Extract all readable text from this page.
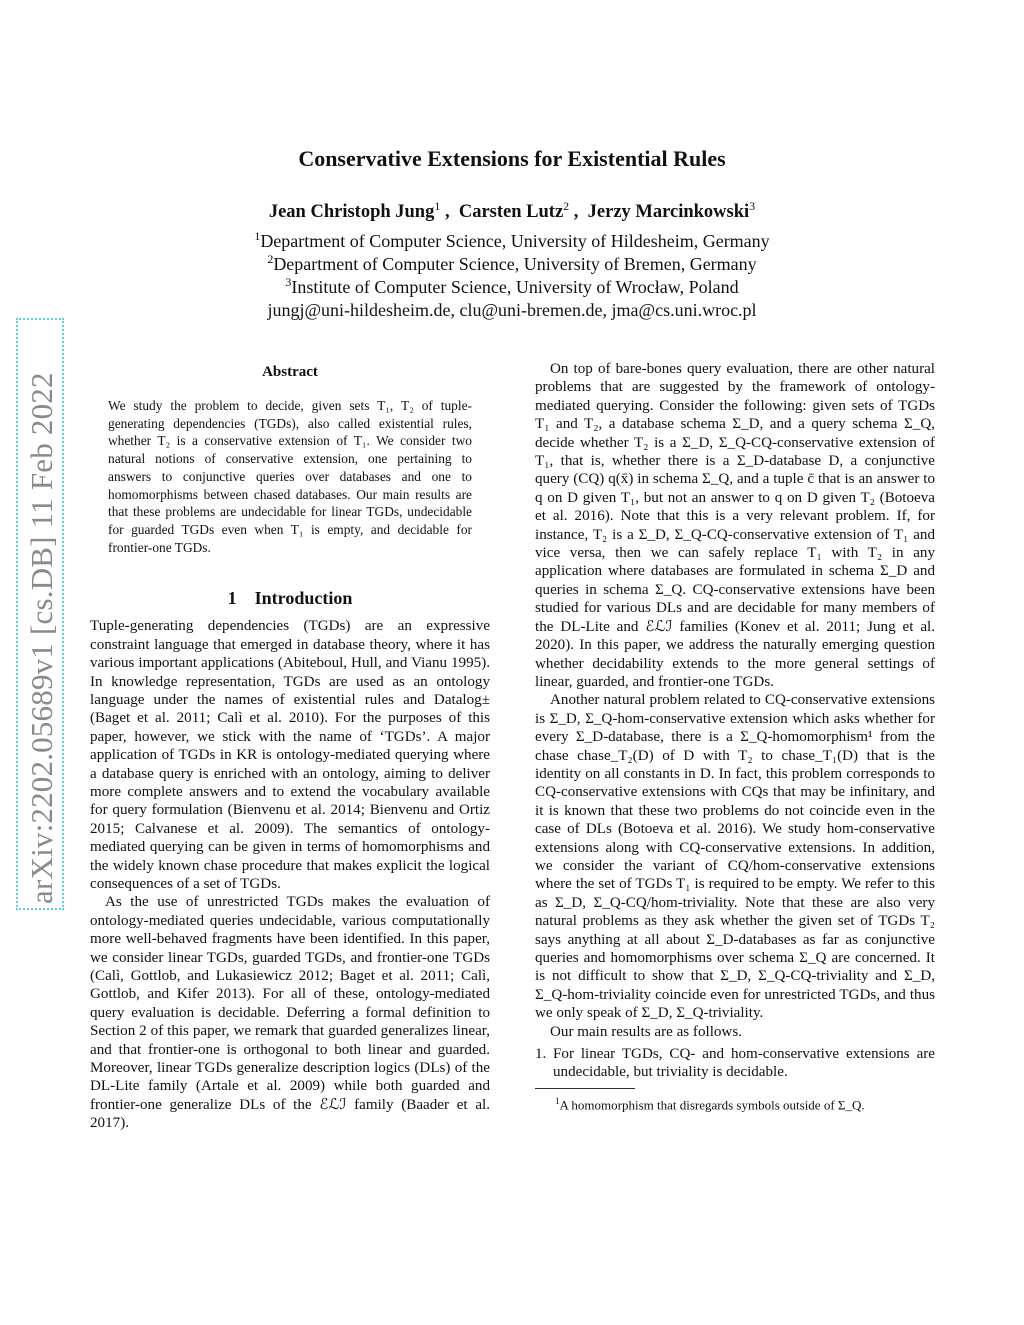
arXiv:2202.05689v1 [cs.DB] 11 Feb 2022
Conservative Extensions for Existential Rules
Jean Christoph Jung$^1$ ,  Carsten Lutz$^2$ ,  Jerzy Marcinkowski$^3$
$^1$Department of Computer Science, University of Hildesheim, Germany
$^2$Department of Computer Science, University of Bremen, Germany
$^3$Institute of Computer Science, University of Wrocław, Poland
jungj@uni-hildesheim.de, clu@uni-bremen.de, jma@cs.uni.wroc.pl
Abstract

We study the problem to decide, given sets T₁, T₂ of tuple-generating dependencies (TGDs), also called existential rules, whether T₂ is a conservative extension of T₁. We consider two natural notions of conservative extension, one pertaining to answers to conjunctive queries over databases and one to homomorphisms between chased databases. Our main results are that these problems are undecidable for linear TGDs, undecidable for guarded TGDs even when T₁ is empty, and decidable for frontier-one TGDs.

1 Introduction

Tuple-generating dependencies (TGDs) are an expressive constraint language that emerged in database theory, where it has various important applications (Abiteboul, Hull, and Vianu 1995). In knowledge representation, TGDs are used as an ontology language under the names of existential rules and Datalog± (Baget et al. 2011; Calì et al. 2010). For the purposes of this paper, however, we stick with the name of ‘TGDs’. A major application of TGDs in KR is ontology-mediated querying where a database query is enriched with an ontology, aiming to deliver more complete answers and to extend the vocabulary available for query formulation (Bienvenu et al. 2014; Bienvenu and Ortiz 2015; Calvanese et al. 2009). The semantics of ontology-mediated querying can be given in terms of homomorphisms and the widely known chase procedure that makes explicit the logical consequences of a set of TGDs.

As the use of unrestricted TGDs makes the evaluation of ontology-mediated queries undecidable, various computationally more well-behaved fragments have been identified. In this paper, we consider linear TGDs, guarded TGDs, and frontier-one TGDs (Calì, Gottlob, and Lukasiewicz 2012; Baget et al. 2011; Calì, Gottlob, and Kifer 2013). For all of these, ontology-mediated query evaluation is decidable. Deferring a formal definition to Section 2 of this paper, we remark that guarded generalizes linear, and that frontier-one is orthogonal to both linear and guarded. Moreover, linear TGDs generalize description logics (DLs) of the DL-Lite family (Artale et al. 2009) while both guarded and frontier-one generalize DLs of the ℰℒℐ family (Baader et al. 2017).

On top of bare-bones query evaluation, there are other natural problems that are suggested by the framework of ontology-mediated querying. Consider the following: given sets of TGDs T₁ and T₂, a database schema Σ_D, and a query schema Σ_Q, decide whether T₂ is a Σ_D, Σ_Q-CQ-conservative extension of T₁, that is, whether there is a Σ_D-database D, a conjunctive query (CQ) q(x̄) in schema Σ_Q, and a tuple c̄ that is an answer to q on D given T₁, but not an answer to q on D given T₂ (Botoeva et al. 2016). Note that this is a very relevant problem. If, for instance, T₂ is a Σ_D, Σ_Q-CQ-conservative extension of T₁ and vice versa, then we can safely replace T₁ with T₂ in any application where databases are formulated in schema Σ_D and queries in schema Σ_Q. CQ-conservative extensions have been studied for various DLs and are decidable for many members of the DL-Lite and ℰℒℐ families (Konev et al. 2011; Jung et al. 2020). In this paper, we address the naturally emerging question whether decidability extends to the more general settings of linear, guarded, and frontier-one TGDs.

Another natural problem related to CQ-conservative extensions is Σ_D, Σ_Q-hom-conservative extension which asks whether for every Σ_D-database, there is a Σ_Q-homomorphism¹ from the chase chase_T₂(D) of D with T₂ to chase_T₁(D) that is the identity on all constants in D. In fact, this problem corresponds to CQ-conservative extensions with CQs that may be infinitary, and it is known that these two problems do not coincide even in the case of DLs (Botoeva et al. 2016). We study hom-conservative extensions along with CQ-conservative extensions. In addition, we consider the variant of CQ/hom-conservative extensions where the set of TGDs T₁ is required to be empty. We refer to this as Σ_D, Σ_Q-CQ/hom-triviality. Note that these are also very natural problems as they ask whether the given set of TGDs T₂ says anything at all about Σ_D-databases as far as conjunctive queries and homomorphisms over schema Σ_Q are concerned. It is not difficult to show that Σ_D, Σ_Q-CQ-triviality and Σ_D, Σ_Q-hom-triviality coincide even for unrestricted TGDs, and thus we only speak of Σ_D, Σ_Q-triviality.

Our main results are as follows.

1. For linear TGDs, CQ- and hom-conservative extensions are undecidable, but triviality is decidable.
$^1$A homomorphism that disregards symbols outside of Σ_Q.
